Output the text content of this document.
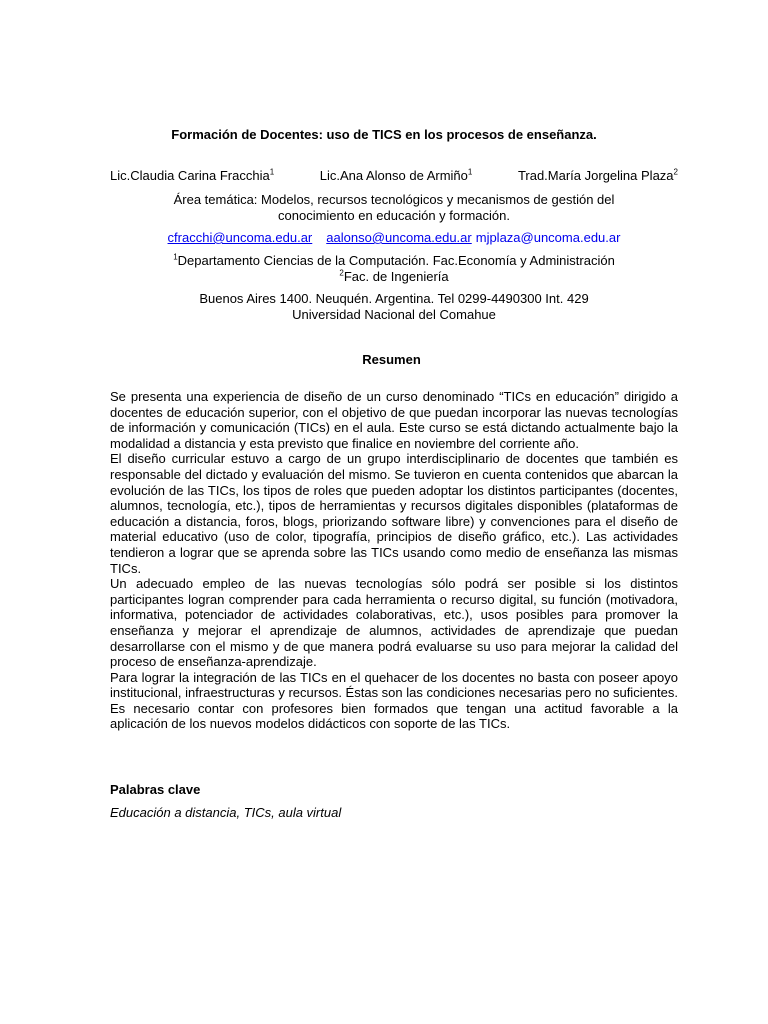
Formación de Docentes: uso de TICS en los procesos de enseñanza.
Lic.Claudia Carina Fracchia$^1$	Lic.Ana Alonso de Armiño$^1$	Trad.María Jorgelina Plaza$^2$
Área temática: Modelos, recursos tecnológicos y mecanismos de gestión del
conocimiento en educación y formación.
cfracchi@uncoma.edu.ar aalonso@uncoma.edu.ar mjplaza@uncoma.edu.ar
$^1$Departamento Ciencias de la Computación. Fac.Economía y Administración
$^2$Fac. de Ingeniería
Buenos Aires 1400. Neuquén. Argentina. Tel 0299-4490300 Int. 429
Universidad Nacional del Comahue
Resumen

Se presenta una experiencia de diseño de un curso denominado “TICs en educación” dirigido a docentes de educación superior, con el objetivo de que puedan incorporar las nuevas tecnologías de información y comunicación (TICs) en el aula. Este curso se está dictando actualmente bajo la modalidad a distancia y esta previsto que finalice en noviembre del corriente año.

El diseño curricular estuvo a cargo de un grupo interdisciplinario de docentes que también es responsable del dictado y evaluación del mismo. Se tuvieron en cuenta contenidos que abarcan la evolución de las TICs, los tipos de roles que pueden adoptar los distintos participantes (docentes, alumnos, tecnología, etc.), tipos de herramientas y recursos digitales disponibles (plataformas de educación a distancia, foros, blogs, priorizando software libre) y convenciones para el diseño de material educativo (uso de color, tipografía, principios de diseño gráfico, etc.). Las actividades tendieron a lograr que se aprenda sobre las TICs usando como medio de enseñanza las mismas TICs.

Un adecuado empleo de las nuevas tecnologías sólo podrá ser posible si los distintos participantes logran comprender para cada herramienta o recurso digital, su función (motivadora, informativa, potenciador de actividades colaborativas, etc.), usos posibles para promover la enseñanza y mejorar el aprendizaje de alumnos, actividades de aprendizaje que puedan desarrollarse con el mismo y de que manera podrá evaluarse su uso para mejorar la calidad del proceso de enseñanza-aprendizaje.

Para lograr la integración de las TICs en el quehacer de los docentes no basta con poseer apoyo institucional, infraestructuras y recursos. Éstas son las condiciones necesarias pero no suficientes. Es necesario contar con profesores bien formados que tengan una actitud favorable a la aplicación de los nuevos modelos didácticos con soporte de las TICs.

Palabras clave
Educación a distancia, TICs, aula virtual
